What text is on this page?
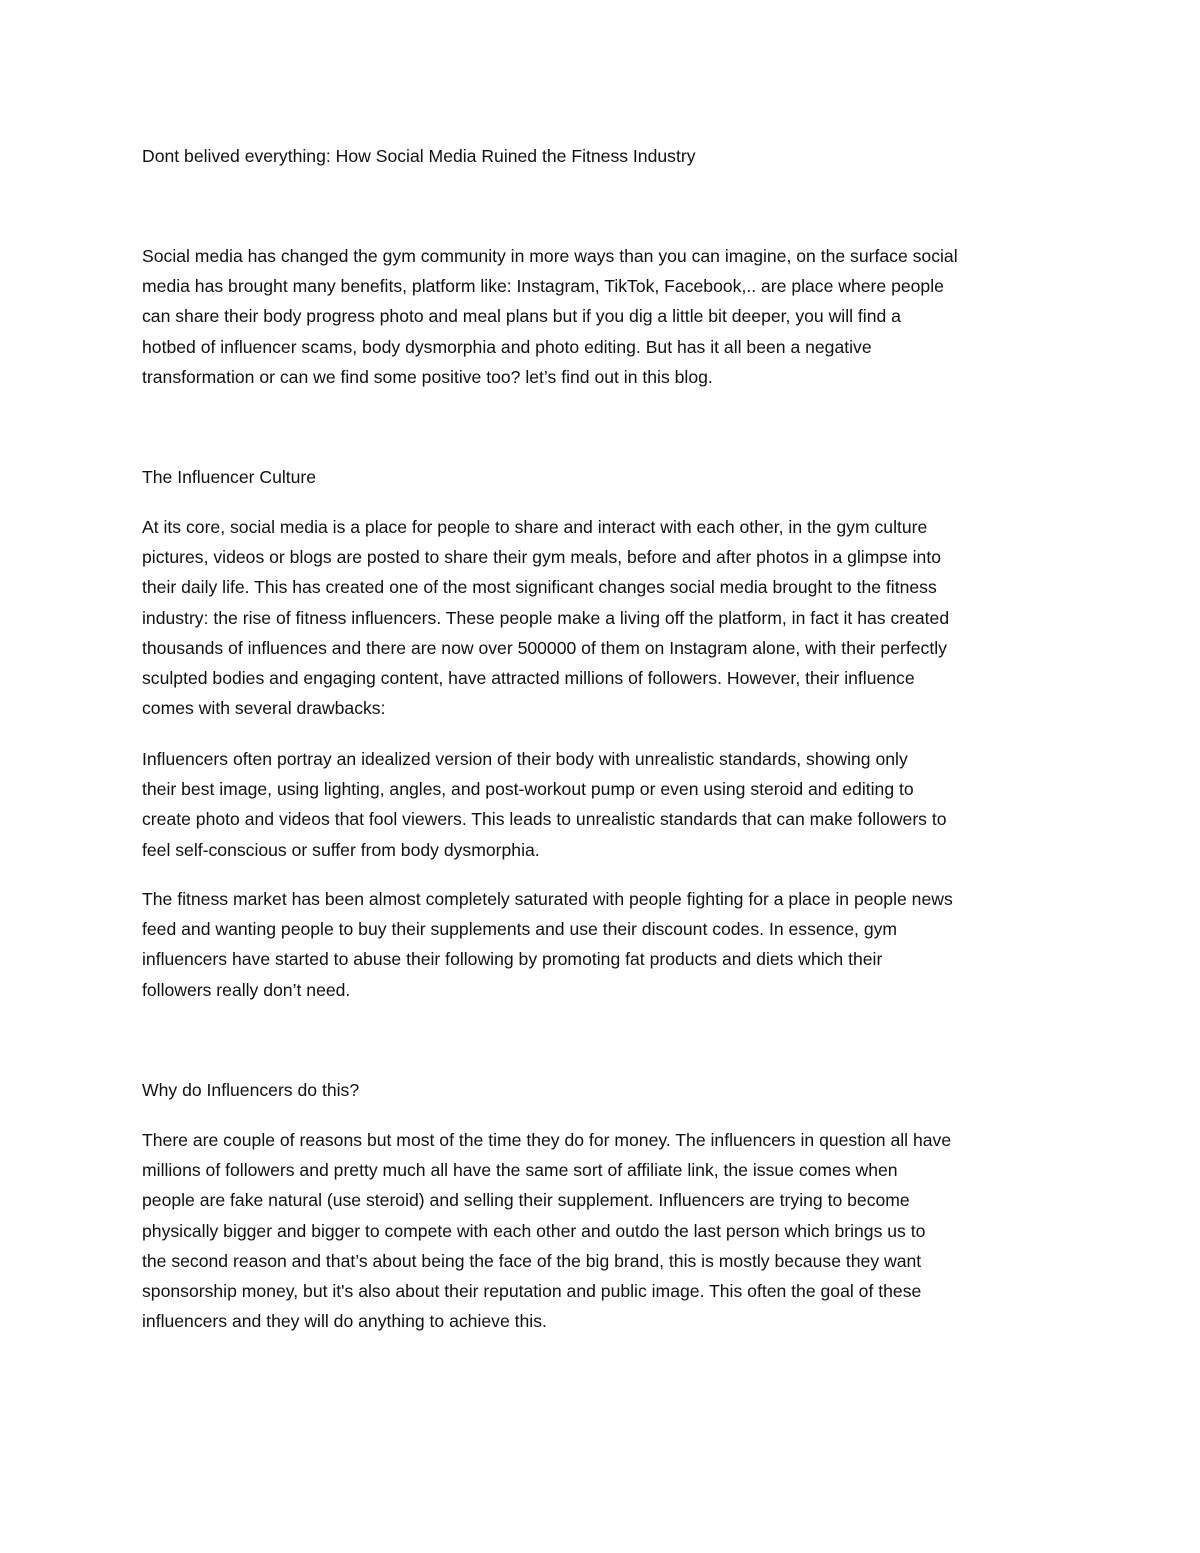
Dont belived everything: How Social Media Ruined the Fitness Industry
Social media has changed the gym community in more ways than you can imagine, on the surface social
media has brought many benefits, platform like: Instagram, TikTok, Facebook,.. are place where people
can share their body progress photo and meal plans but if you dig a little bit deeper, you will find a
hotbed of influencer scams, body dysmorphia and photo editing. But has it all been a negative
transformation or can we find some positive too? let’s find out in this blog.
The Influencer Culture
At its core, social media is a place for people to share and interact with each other, in the gym culture
pictures, videos or blogs are posted to share their gym meals, before and after photos in a glimpse into
their daily life. This has created one of the most significant changes social media brought to the fitness
industry: the rise of fitness influencers. These people make a living off the platform, in fact it has created
thousands of influences and there are now over 500000 of them on Instagram alone, with their perfectly
sculpted bodies and engaging content, have attracted millions of followers. However, their influence
comes with several drawbacks:
Influencers often portray an idealized version of their body with unrealistic standards, showing only
their best image, using lighting, angles, and post-workout pump or even using steroid and editing to
create photo and videos that fool viewers. This leads to unrealistic standards that can make followers to
feel self-conscious or suffer from body dysmorphia.
The fitness market has been almost completely saturated with people fighting for a place in people news
feed and wanting people to buy their supplements and use their discount codes. In essence, gym
influencers have started to abuse their following by promoting fat products and diets which their
followers really don’t need.
Why do Influencers do this?
There are couple of reasons but most of the time they do for money. The influencers in question all have
millions of followers and pretty much all have the same sort of affiliate link, the issue comes when
people are fake natural (use steroid) and selling their supplement. Influencers are trying to become
physically bigger and bigger to compete with each other and outdo the last person which brings us to
the second reason and that’s about being the face of the big brand, this is mostly because they want
sponsorship money, but it's also about their reputation and public image. This often the goal of these
influencers and they will do anything to achieve this.
